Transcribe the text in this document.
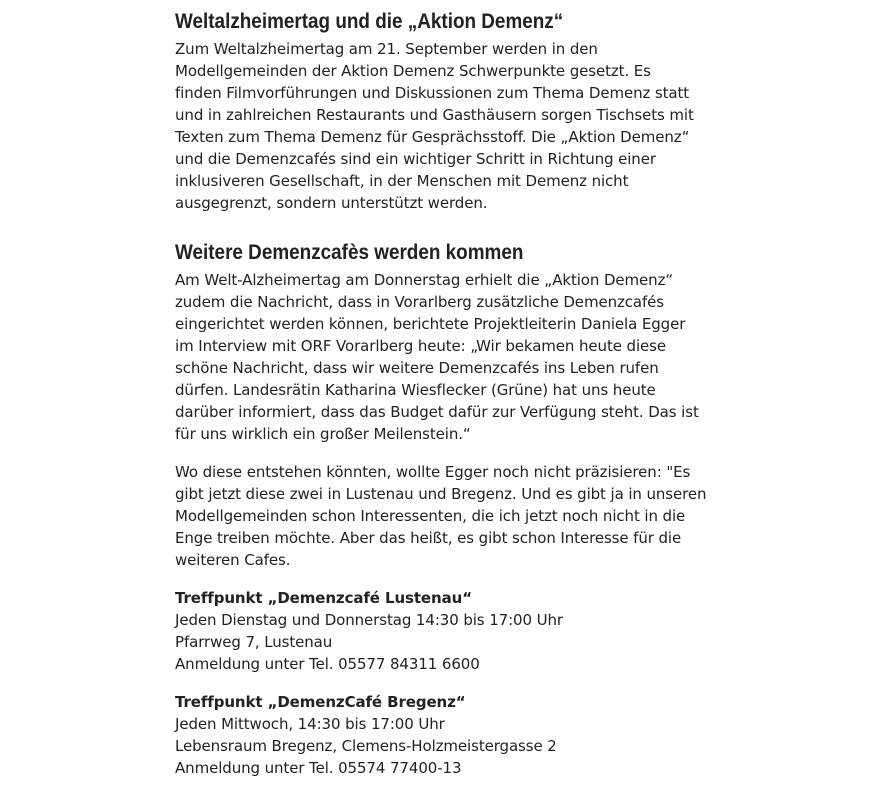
Weltalzheimertag und die „Aktion Demenz“

Zum Weltalzheimertag am 21. September werden in den
Modellgemeinden der Aktion Demenz Schwerpunkte gesetzt. Es
finden Filmvorführungen und Diskussionen zum Thema Demenz statt
und in zahlreichen Restaurants und Gasthäusern sorgen Tischsets mit
Texten zum Thema Demenz für Gesprächsstoff. Die „Aktion Demenz“
und die Demenzcafés sind ein wichtiger Schritt in Richtung einer
inklusiveren Gesellschaft, in der Menschen mit Demenz nicht
ausgegrenzt, sondern unterstützt werden.

Weitere Demenzcafès werden kommen

Am Welt-Alzheimertag am Donnerstag erhielt die „Aktion Demenz“
zudem die Nachricht, dass in Vorarlberg zusätzliche Demenzcafés
eingerichtet werden können, berichtete Projektleiterin Daniela Egger
im Interview mit ORF Vorarlberg heute: „Wir bekamen heute diese
schöne Nachricht, dass wir weitere Demenzcafés ins Leben rufen
dürfen. Landesrätin Katharina Wiesflecker (Grüne) hat uns heute
darüber informiert, dass das Budget dafür zur Verfügung steht. Das ist
für uns wirklich ein großer Meilenstein.“

Wo diese entstehen könnten, wollte Egger noch nicht präzisieren: "Es
gibt jetzt diese zwei in Lustenau und Bregenz. Und es gibt ja in unseren
Modellgemeinden schon Interessenten, die ich jetzt noch nicht in die
Enge treiben möchte. Aber das heißt, es gibt schon Interesse für die
weiteren Cafes.

Treffpunkt „Demenzcafé Lustenau“
Jeden Dienstag und Donnerstag 14:30 bis 17:00 Uhr
Pfarrweg 7, Lustenau
Anmeldung unter Tel. 05577 84311 6600

Treffpunkt „DemenzCafé Bregenz“
Jeden Mittwoch, 14:30 bis 17:00 Uhr
Lebensraum Bregenz, Clemens-Holzmeistergasse 2
Anmeldung unter Tel. 05574 77400-13
